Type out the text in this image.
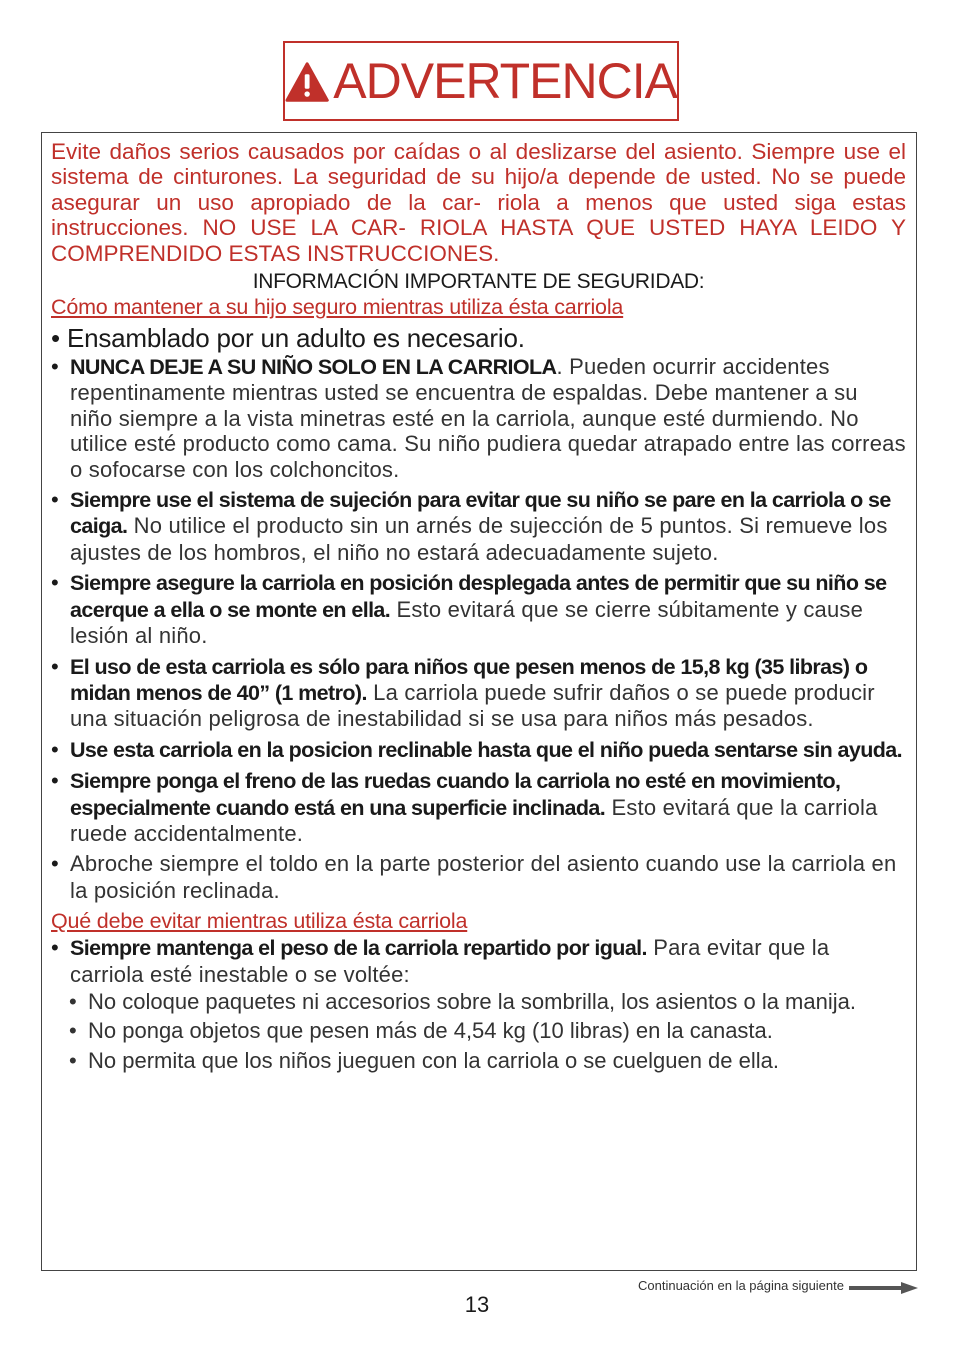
ADVERTENCIA

Evite daños serios causados por caídas o al deslizarse del asiento. Siempre use el sistema de cinturones. La seguridad de su hijo/a depende de usted. No se puede asegurar un uso apropiado de la car- riola a menos que usted siga estas instrucciones. NO USE LA CAR- RIOLA HASTA QUE USTED HAYA LEIDO Y COMPRENDIDO ESTAS INSTRUCCIONES.

INFORMACIÓN IMPORTANTE DE SEGURIDAD:

Cómo mantener a su hijo seguro mientras utiliza ésta carriola

• Ensamblado por un adulto es necesario.

• NUNCA DEJE A SU NIÑO SOLO EN LA CARRIOLA. Pueden ocurrir accidentes repentinamente mientras usted se encuentra de espaldas. Debe mantener a su niño siempre a la vista minetras esté en la carriola, aunque esté durmiendo. No utilice esté producto como cama. Su niño pudiera quedar atrapado entre las correas o sofocarse con los colchoncitos.
• Siempre use el sistema de sujeción para evitar que su niño se pare en la carriola o se caiga. No utilice el producto sin un arnés de sujección de 5 puntos. Si remueve los ajustes de los hombros, el niño no estará adecuadamente sujeto.
• Siempre asegure la carriola en posición desplegada antes de permitir que su niño se acerque a ella o se monte en ella. Esto evitará que se cierre súbitamente y cause lesión al niño.
• El uso de esta carriola es sólo para niños que pesen menos de 15,8 kg (35 libras) o midan menos de 40” (1 metro). La carriola puede sufrir daños o se puede producir una situación peligrosa de inestabilidad si se usa para niños más pesados.
• Use esta carriola en la posicion reclinable hasta que el niño pueda sentarse sin ayuda.
• Siempre ponga el freno de las ruedas cuando la carriola no esté en movimiento, especialmente cuando está en una superficie inclinada. Esto evitará que la carriola ruede accidentalmente.
• Abroche siempre el toldo en la parte posterior del asiento cuando use la carriola en la posición reclinada.

Qué debe evitar mientras utiliza ésta carriola

• Siempre mantenga el peso de la carriola repartido por igual. Para evitar que la carriola esté inestable o se voltée:
• No coloque paquetes ni accesorios sobre la sombrilla, los asientos o la manija.
• No ponga objetos que pesen más de 4,54 kg (10 libras) en la canasta.
• No permita que los niños jueguen con la carriola o se cuelguen de ella.
Continuación en la página siguiente
13
